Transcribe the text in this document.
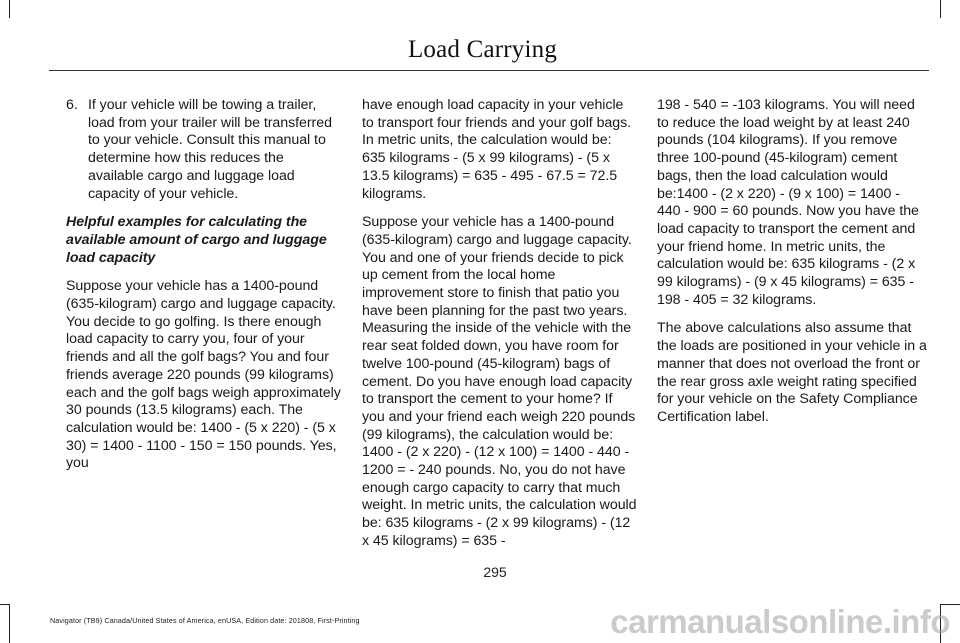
Load Carrying
6. If your vehicle will be towing a trailer, load from your trailer will be transferred to your vehicle. Consult this manual to determine how this reduces the available cargo and luggage load capacity of your vehicle.

Helpful examples for calculating the available amount of cargo and luggage load capacity

Suppose your vehicle has a 1400-pound (635-kilogram) cargo and luggage capacity. You decide to go golfing. Is there enough load capacity to carry you, four of your friends and all the golf bags? You and four friends average 220 pounds (99 kilograms) each and the golf bags weigh approximately 30 pounds (13.5 kilograms) each. The calculation would be: 1400 - (5 x 220) - (5 x 30) = 1400 - 1100 - 150 = 150 pounds. Yes, you

have enough load capacity in your vehicle to transport four friends and your golf bags. In metric units, the calculation would be: 635 kilograms - (5 x 99 kilograms) - (5 x 13.5 kilograms) = 635 - 495 - 67.5 = 72.5 kilograms.

Suppose your vehicle has a 1400-pound (635-kilogram) cargo and luggage capacity. You and one of your friends decide to pick up cement from the local home improvement store to finish that patio you have been planning for the past two years. Measuring the inside of the vehicle with the rear seat folded down, you have room for twelve 100-pound (45-kilogram) bags of cement. Do you have enough load capacity to transport the cement to your home? If you and your friend each weigh 220 pounds (99 kilograms), the calculation would be: 1400 - (2 x 220) - (12 x 100) = 1400 - 440 - 1200 = - 240 pounds. No, you do not have enough cargo capacity to carry that much weight. In metric units, the calculation would be: 635 kilograms - (2 x 99 kilograms) - (12 x 45 kilograms) = 635 -

198 - 540 = -103 kilograms. You will need to reduce the load weight by at least 240 pounds (104 kilograms). If you remove three 100-pound (45-kilogram) cement bags, then the load calculation would be:1400 - (2 x 220) - (9 x 100) = 1400 - 440 - 900 = 60 pounds. Now you have the load capacity to transport the cement and your friend home. In metric units, the calculation would be: 635 kilograms - (2 x 99 kilograms) - (9 x 45 kilograms) = 635 - 198 - 405 = 32 kilograms.

The above calculations also assume that the loads are positioned in your vehicle in a manner that does not overload the front or the rear gross axle weight rating specified for your vehicle on the Safety Compliance Certification label.

295
Navigator (TB9) Canada/United States of America, enUSA, Edition date: 201808, First-Printing	carmanualsonline.info
